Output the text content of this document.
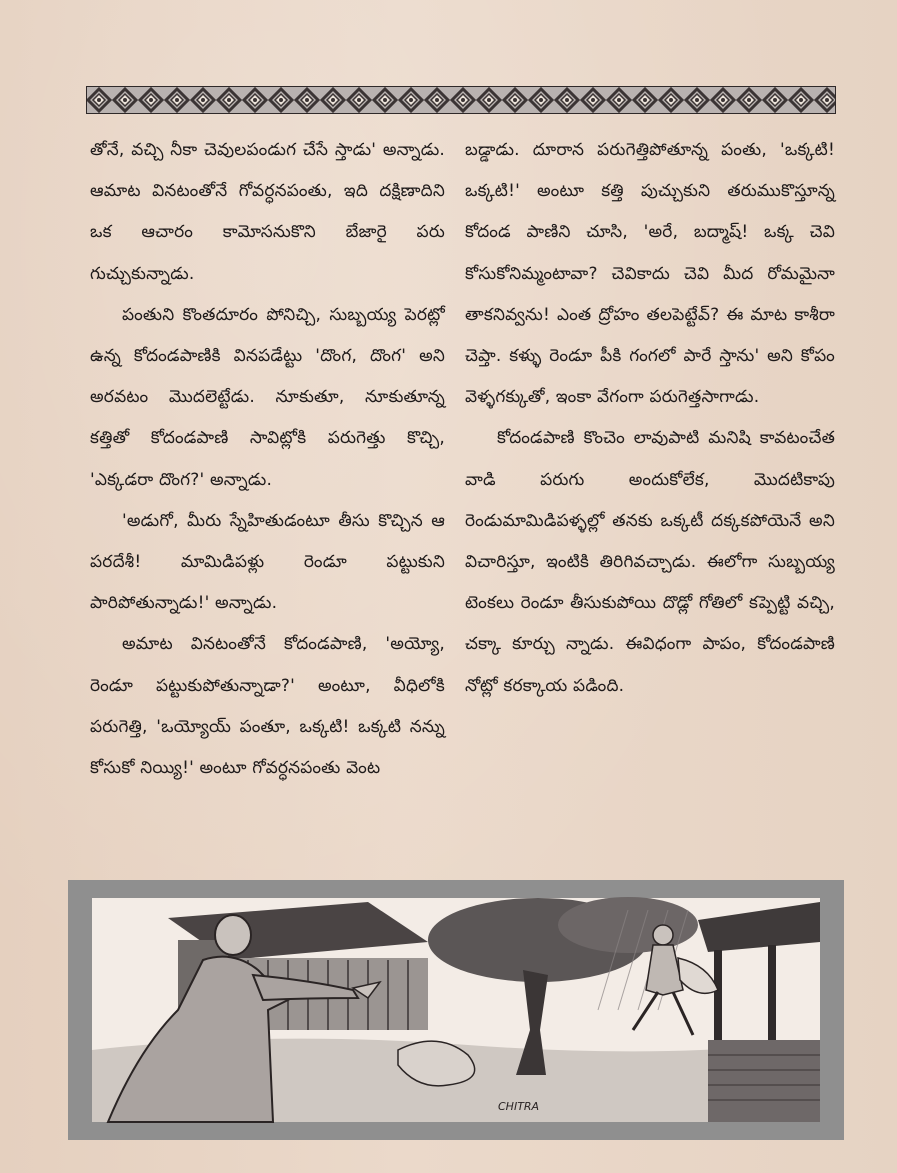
తోనే, వచ్చి నీకా చెవులపండుగ చేసే స్తాడు' అన్నాడు. ఆమాట వినటంతోనే గోవర్ధనపంతు, ఇది దక్షిణాదిని ఒక ఆచారం కామోసనుకొని బేజారై పరు గుచ్చుకున్నాడు.

పంతుని కొంతదూరం పోనిచ్చి, సుబ్బయ్య పెరట్లో ఉన్న కోదండపాణికి వినపడేట్టు 'దొంగ, దొంగ' అని అరవటం మొదలెట్టేడు. నూకుతూ, నూకుతూన్న కత్తితో కోదండపాణి సావిట్లోకి పరుగెత్తు కొచ్చి, 'ఎక్కడరా దొంగ?' అన్నాడు.

'అడుగో, మీరు స్నేహితుడంటూ తీసు కొచ్చిన ఆ పరదేశీ! మామిడిపళ్లు రెండూ పట్టుకుని పారిపోతున్నాడు!' అన్నాడు.

అమాట వినటంతోనే కోదండపాణి, 'అయ్యో, రెండూ పట్టుకుపోతున్నాడా?' అంటూ, వీధిలోకి పరుగెత్తి, 'ఒయ్యోయ్ పంతూ, ఒక్కటి! ఒక్కటి నన్ను కోసుకో నియ్యి!' అంటూ గోవర్ధనపంతు వెంట

బడ్డాడు. దూరాన పరుగెత్తిపోతూన్న పంతు, 'ఒక్కటి! ఒక్కటి!' అంటూ కత్తి పుచ్చుకుని తరుముకొస్తూన్న కోదండ పాణిని చూసి, 'అరే, బద్మాష్! ఒక్క చెవి కోసుకోనిమ్మంటావా? చెవికాదు చెవి మీద రోమమైనా తాకనివ్వను! ఎంత ద్రోహం తలపెట్టేవ్? ఈ మాట కాశీరా చెప్తా. కళ్ళు రెండూ పీకి గంగలో పారే స్తాను' అని కోపం వెళ్ళగక్కుతో, ఇంకా వేగంగా పరుగెత్తసాగాడు.

కోదండపాణి కొంచెం లావుపాటి మనిషి కావటంచేత వాడి పరుగు అందుకోలేక, మొదటికాపు రెండుమామిడిపళ్ళల్లో తనకు ఒక్కటీ దక్కకపోయెనే అని విచారిస్తూ, ఇంటికి తిరిగివచ్చాడు. ఈలోగా సుబ్బయ్య టెంకలు రెండూ తీసుకుపోయి దొడ్లో గోతిలో కప్పెట్టి వచ్చి, చక్కా కూర్చు న్నాడు. ఈవిధంగా పాపం, కోదండపాణి నోట్లో కరక్కాయ పడింది.

CHITRA
